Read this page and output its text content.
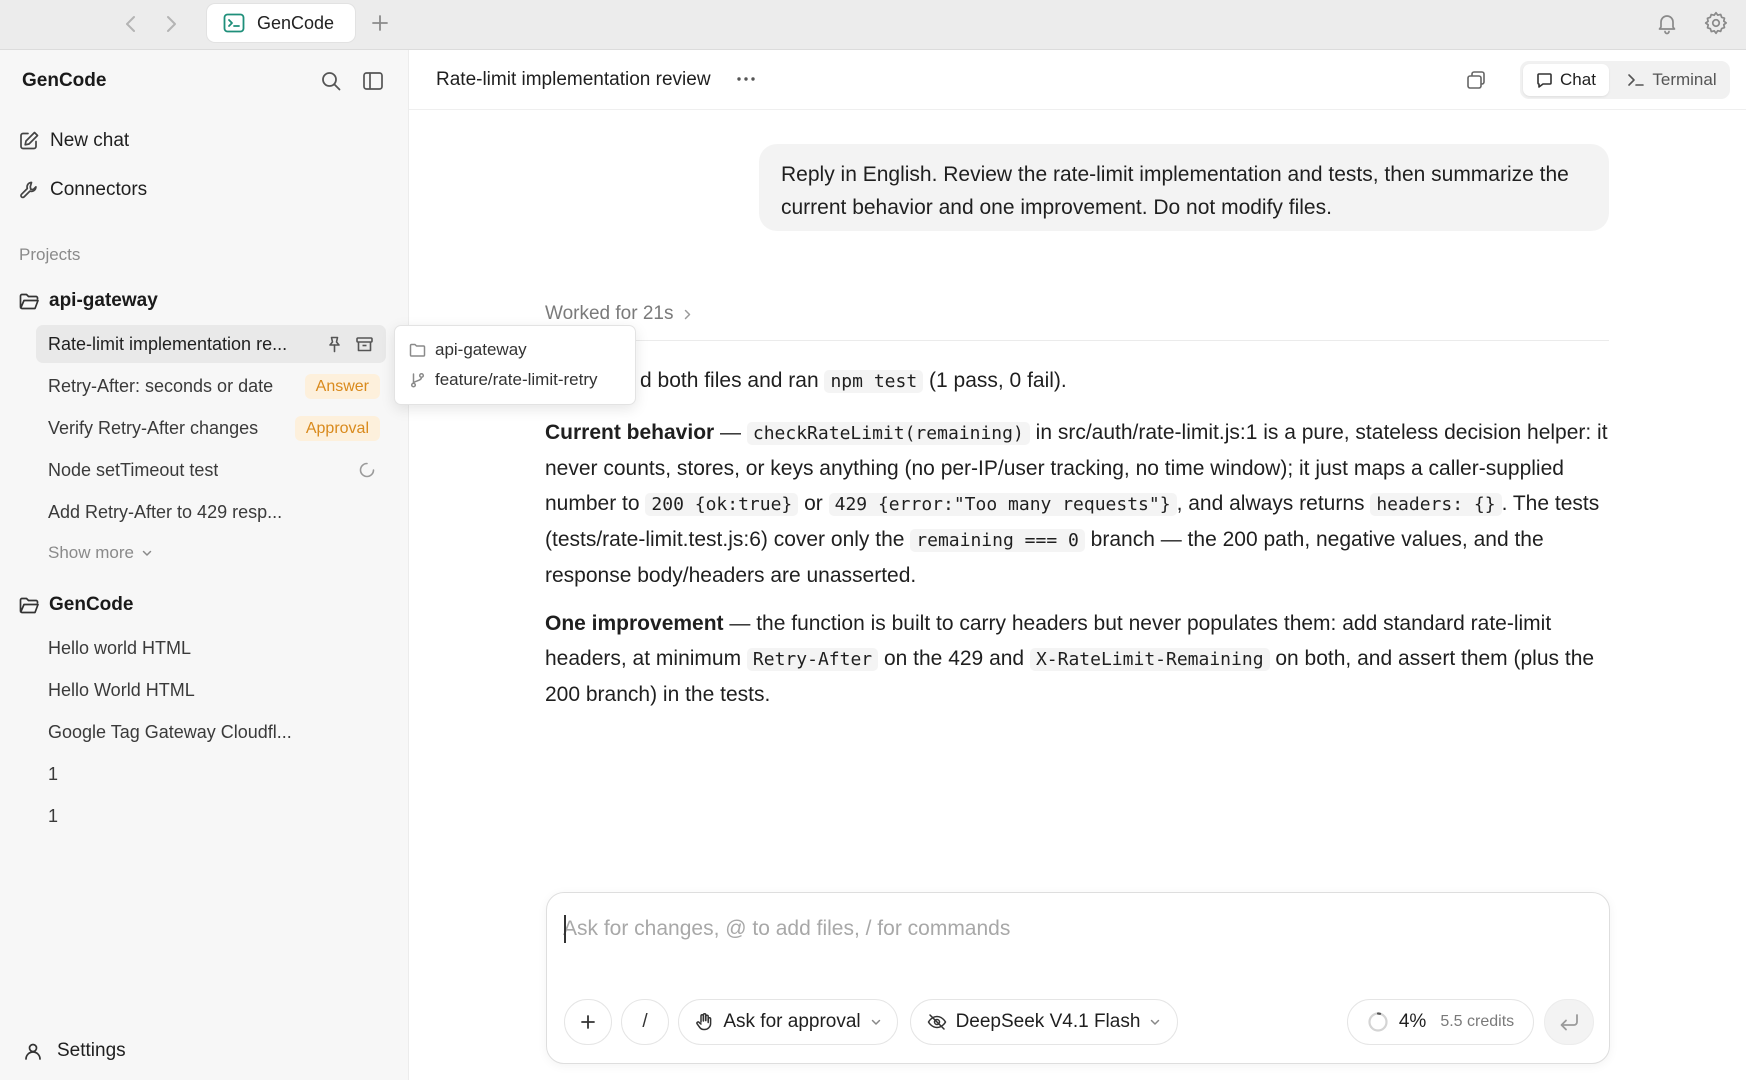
GenCode
GenCode
New chat
Connectors
Projects
api-gateway
Rate-limit implementation re...
Retry-After: seconds or date	Answer
Verify Retry-After changes	Approval
Node setTimeout test
Add Retry-After to 429 resp...
Show more
GenCode
Hello world HTML
Hello World HTML
Google Tag Gateway Cloudfl...
1
1
Settings
api-gateway
feature/rate-limit-retry
Rate-limit implementation review	Chat	Terminal
Reply in English. Review the rate-limit implementation and tests, then summarize the current behavior and one improvement. Do not modify files.
Worked for 21s
d both files and ran npm test (1 pass, 0 fail).
Current behavior — checkRateLimit(remaining) in src/auth/rate-limit.js:1 is a pure, stateless decision helper: it never counts, stores, or keys anything (no per-IP/user tracking, no time window); it just maps a caller-supplied number to 200 {ok:true} or 429 {error:"Too many requests"} , and always returns headers: {} . The tests (tests/rate-limit.test.js:6) cover only the remaining === 0 branch — the 200 path, negative values, and the response body/headers are unasserted.
One improvement — the function is built to carry headers but never populates them: add standard rate-limit headers, at minimum Retry-After on the 429 and X-RateLimit-Remaining on both, and assert them (plus the 200 branch) in the tests.
Ask for changes, @ to add files, / for commands
/	Ask for approval	DeepSeek V4.1 Flash	4% 5.5 credits
